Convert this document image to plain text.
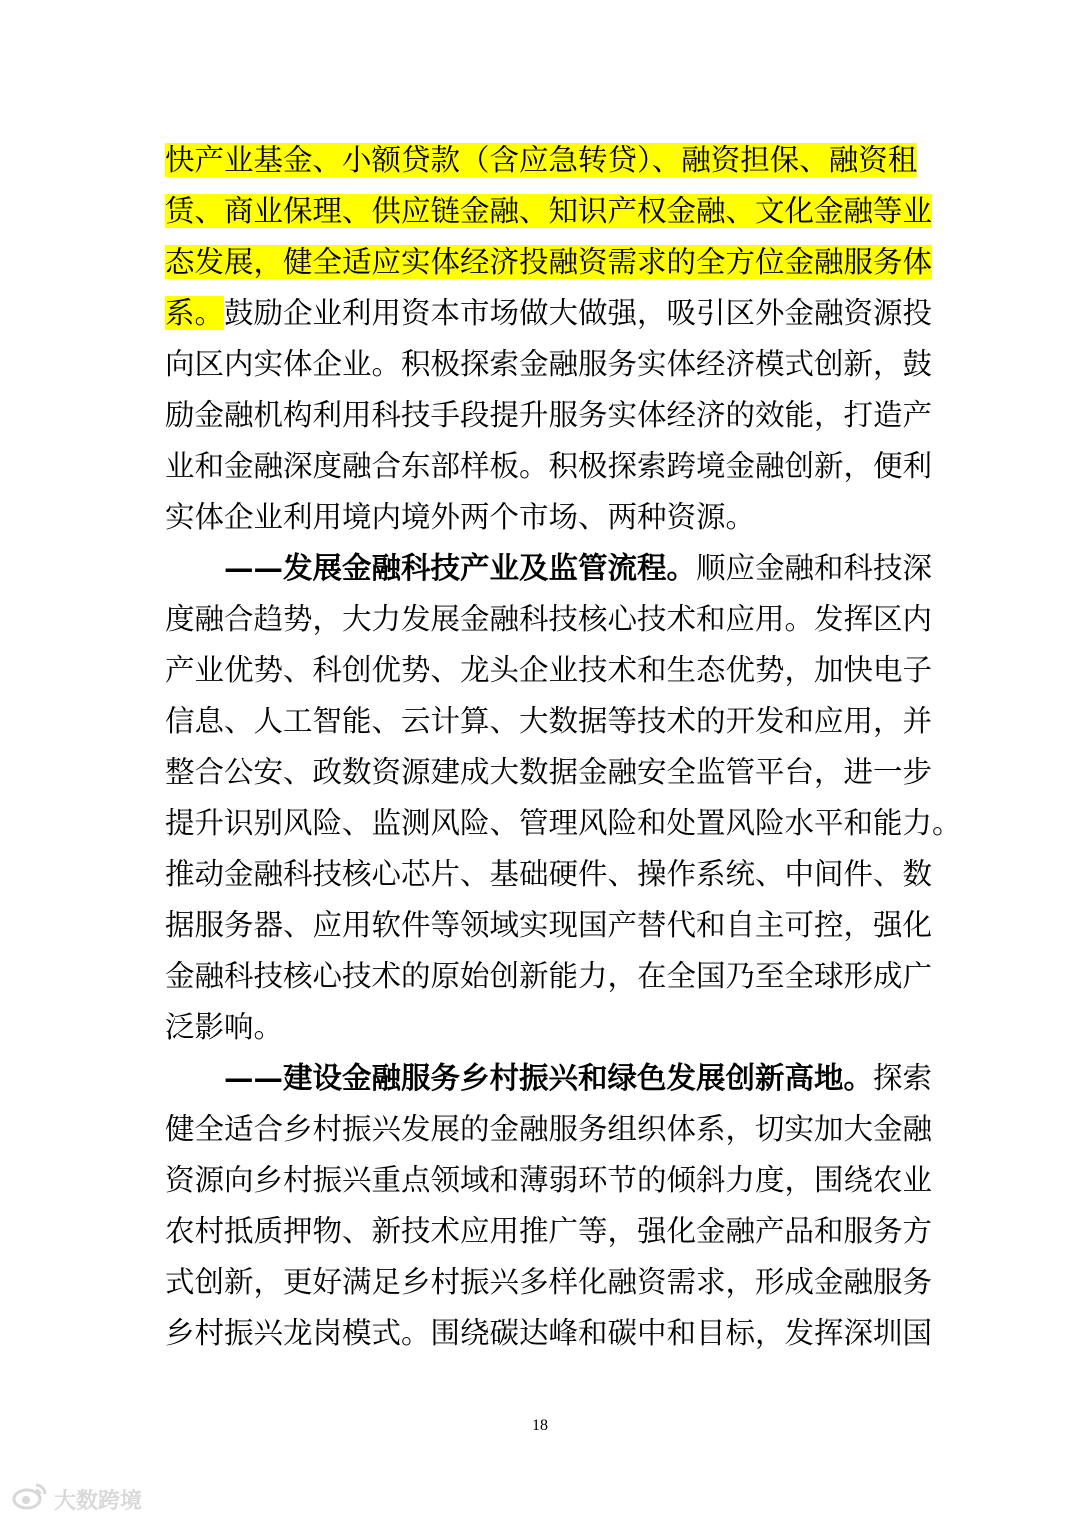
快产业基金、小额贷款（含应急转贷）、融资担保、融资租
赁、商业保理、供应链金融、知识产权金融、文化金融等业
态发展，健全适应实体经济投融资需求的全方位金融服务体
系。鼓励企业利用资本市场做大做强，吸引区外金融资源投
向区内实体企业。积极探索金融服务实体经济模式创新，鼓
励金融机构利用科技手段提升服务实体经济的效能，打造产
业和金融深度融合东部样板。积极探索跨境金融创新，便利
实体企业利用境内境外两个市场、两种资源。
——发展金融科技产业及监管流程。顺应金融和科技深
度融合趋势，大力发展金融科技核心技术和应用。发挥区内
产业优势、科创优势、龙头企业技术和生态优势，加快电子
信息、人工智能、云计算、大数据等技术的开发和应用，并
整合公安、政数资源建成大数据金融安全监管平台，进一步
提升识别风险、监测风险、管理风险和处置风险水平和能力。
推动金融科技核心芯片、基础硬件、操作系统、中间件、数
据服务器、应用软件等领域实现国产替代和自主可控，强化
金融科技核心技术的原始创新能力，在全国乃至全球形成广
泛影响。
——建设金融服务乡村振兴和绿色发展创新高地。探索
健全适合乡村振兴发展的金融服务组织体系，切实加大金融
资源向乡村振兴重点领域和薄弱环节的倾斜力度，围绕农业
农村抵质押物、新技术应用推广等，强化金融产品和服务方
式创新，更好满足乡村振兴多样化融资需求，形成金融服务
乡村振兴龙岗模式。围绕碳达峰和碳中和目标，发挥深圳国
18
大数跨境
